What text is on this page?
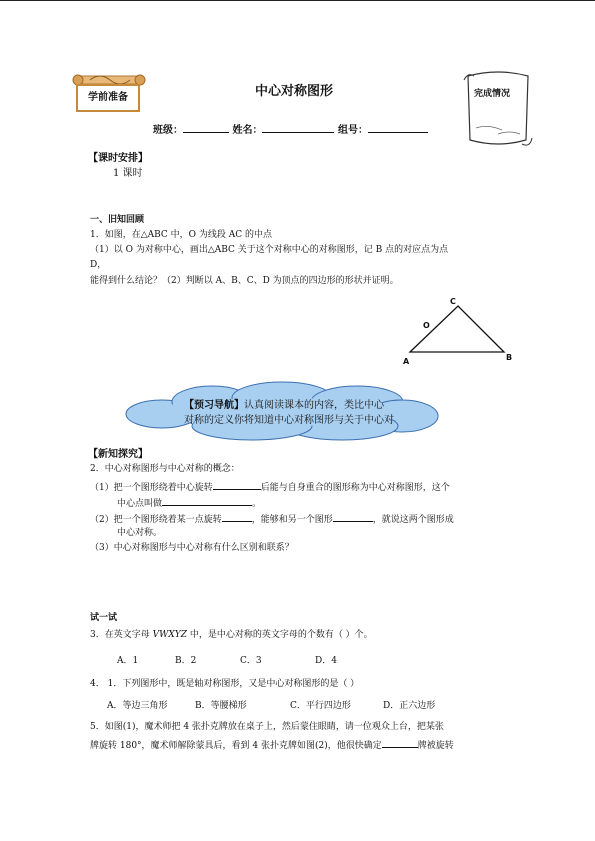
学前准备	中心对称图形	完成情况
班级：	姓名：	组号：
【课时安排】
1 课时
一、旧知回顾
1．如图，在△ABC 中，O 为线段 AC 的中点
（1）以 O 为对称中心，画出△ABC 关于这个对称中心的对称图形，记 B 点的对应点为点
D，
能得到什么结论？（2）判断以 A、B、C、D 为顶点的四边形的形状并证明。
A	B
C
O
【预习导航】认真阅读课本的内容，类比中心
对称的定义你将知道中心对称图形与关于中心对
【新知探究】
2．中心对称图形与中心对称的概念：
（1）把一个图形绕着中心旋转	后能与自身重合的图形称为中心对称图形，这个
中心点叫做	。
（2）把一个图形绕着某一点旋转	，能够和另一个图形	，就说这两个图形成
中心对称。
（3）中心对称图形与中心对称有什么区别和联系？
试一试
3．在英文字母 VWXYZ 中，是中心对称的英文字母的个数有（ ）个。
A．1	B．2	C．3	D．4
4． 1．下列图形中，既是轴对称图形，又是中心对称图形的是（ ）
A．等边三角形	B．等腰梯形	C．平行四边形	D．正六边形
5．如图(1)，魔术师把 4 张扑克牌放在桌子上，然后蒙住眼睛，请一位观众上台，把某张
牌旋转 180°，魔术师解除蒙具后，看到 4 张扑克牌如图(2)，他很快确定	牌被旋转
